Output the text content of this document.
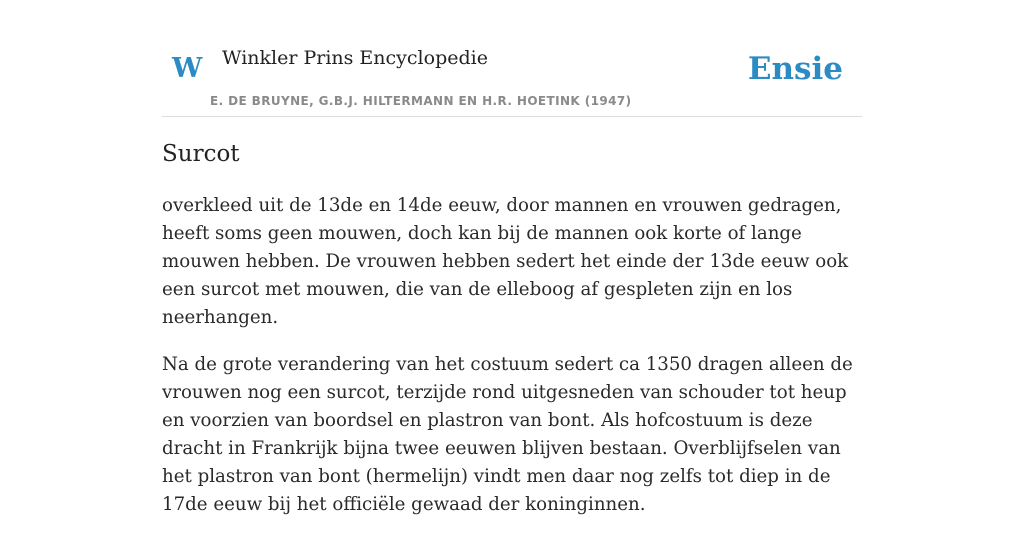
W Winkler Prins Encyclopedie
E. DE BRUYNE, G.B.J. HILTERMANN EN H.R. HOETINK (1947)
Ensie
Surcot

overkleed uit de 13de en 14de eeuw, door mannen en vrouwen gedragen, heeft soms geen mouwen, doch kan bij de mannen ook korte of lange mouwen hebben. De vrouwen hebben sedert het einde der 13de eeuw ook een surcot met mouwen, die van de elleboog af gespleten zijn en los neerhangen.

Na de grote verandering van het costuum sedert ca 1350 dragen alleen de vrouwen nog een surcot, terzijde rond uitgesneden van schouder tot heup en voorzien van boordsel en plastron van bont. Als hofcostuum is deze dracht in Frankrijk bijna twee eeuwen blijven bestaan. Overblijfselen van het plastron van bont (hermelijn) vindt men daar nog zelfs tot diep in de 17de eeuw bij het officiële gewaad der koninginnen.
